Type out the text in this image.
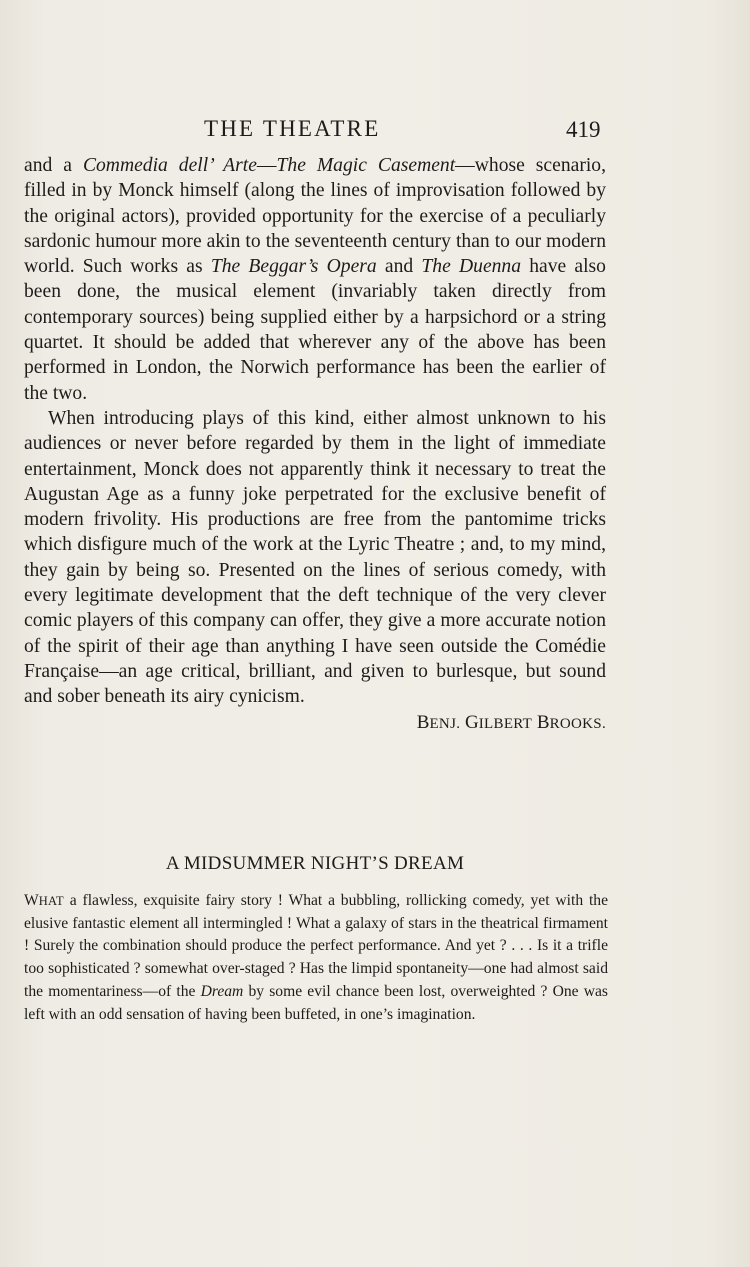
THE THEATRE	419

and a Commedia dell’ Arte—The Magic Casement—whose scenario, filled in by Monck himself (along the lines of improvisation followed by the original actors), provided opportunity for the exercise of a peculiarly sardonic humour more akin to the seventeenth century than to our modern world. Such works as The Beggar’s Opera and The Duenna have also been done, the musical element (invariably taken directly from contemporary sources) being supplied either by a harpsichord or a string quartet. It should be added that wherever any of the above has been performed in London, the Norwich performance has been the earlier of the two.

When introducing plays of this kind, either almost unknown to his audiences or never before regarded by them in the light of immediate entertainment, Monck does not apparently think it necessary to treat the Augustan Age as a funny joke perpetrated for the exclusive benefit of modern frivolity. His productions are free from the pantomime tricks which disfigure much of the work at the Lyric Theatre ; and, to my mind, they gain by being so. Presented on the lines of serious comedy, with every legitimate development that the deft technique of the very clever comic players of this company can offer, they give a more accurate notion of the spirit of their age than anything I have seen outside the Comédie Française—an age critical, brilliant, and given to burlesque, but sound and sober beneath its airy cynicism.

BENJ. GILBERT BROOKS.

A MIDSUMMER NIGHT’S DREAM

WHAT a flawless, exquisite fairy story ! What a bubbling, rollicking comedy, yet with the elusive fantastic element all intermingled ! What a galaxy of stars in the theatrical firmament ! Surely the combination should produce the perfect performance. And yet ? . . . Is it a trifle too sophisticated ? somewhat over-staged ? Has the limpid spontaneity—one had almost said the momentariness—of the Dream by some evil chance been lost, overweighted ? One was left with an odd sensation of having been buffeted, in one’s imagination.
